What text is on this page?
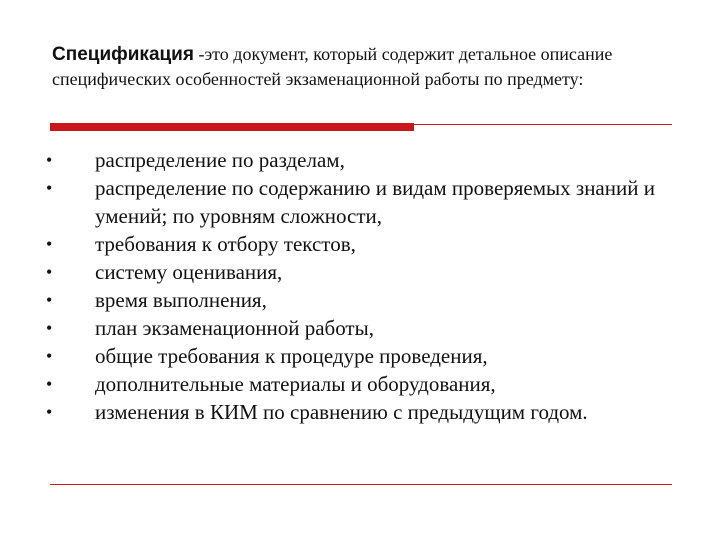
Спецификация -это документ, который содержит детальное описание специфических особенностей экзаменационной работы по предмету:
• распределение по разделам,
• распределение по содержанию и видам проверяемых знаний и умений; по уровням сложности,
• требования к отбору текстов,
• систему оценивания,
• время выполнения,
• план экзаменационной работы,
• общие требования к процедуре проведения,
• дополнительные материалы и оборудования,
• изменения в КИМ по сравнению с предыдущим годом.
